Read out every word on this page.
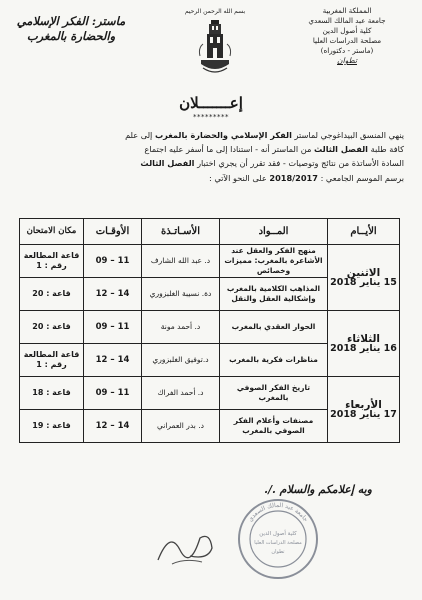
المملكة المغربية
جامعة عبد المالك السعدي
كلية أصول الدين
مصلحة الدراسات العليا
(ماستر - دكتوراه)
تطوان
بسم الله الرحمن الرحيم
ماستر: الفكر الإسلامي
والحضارة بالمغرب
إعـــــــلان
*********

ينهي المنسق البيداغوجي لماستر الفكر الإسلامي والحضارة بالمغرب إلى علم

كافة طلبة الفصل الثالث من الماستر أنه - استنادا إلى ما أسفر عليه اجتماع

السادة الأساتذة من نتائج وتوصيات - فقد تقرر أن يجري اختبار الفصل الثالث

برسم الموسم الجامعي : 2018/2017 على النحو الآتي :

الأيــام	المــواد	الأسـاتـذة	الأوقـات	مكان الامتحان

الاثنين
15 يناير 2018	منهج الفكر والعقل عند الأشاعرة بالمغرب: مميزات وخصائص	د. عبد الله الشارف	09 – 11	قاعة المطالعة رقم : 1
	المذاهب الكلامية بالمغرب وإشكالية العقل والنقل	دة. نسيبة الغلبزوري	12 – 14	قاعة : 20

الثلاثاء
16 يناير 2018	الحوار العقدي بالمغرب	د. أحمد مونة	09 – 11	قاعة : 20
	مناظرات فكرية بالمغرب	د.توفيق الغلبزوري	12 – 14	قاعة المطالعة رقم : 1

الأربعاء
17 يناير 2018	تاريخ الفكر الصوفي بالمغرب	د. أحمد الفراك	09 – 11	قاعة : 18
	مصنفات وأعلام الفكر الصوفي بالمغرب	د. بدر العمراني	12 – 14	قاعة : 19
وبه إعلامكم والسلام ./.
كلية أصول الدين
مصلحة الدراسات العليا
تطوان
جامعة عبد المالك السعدي
